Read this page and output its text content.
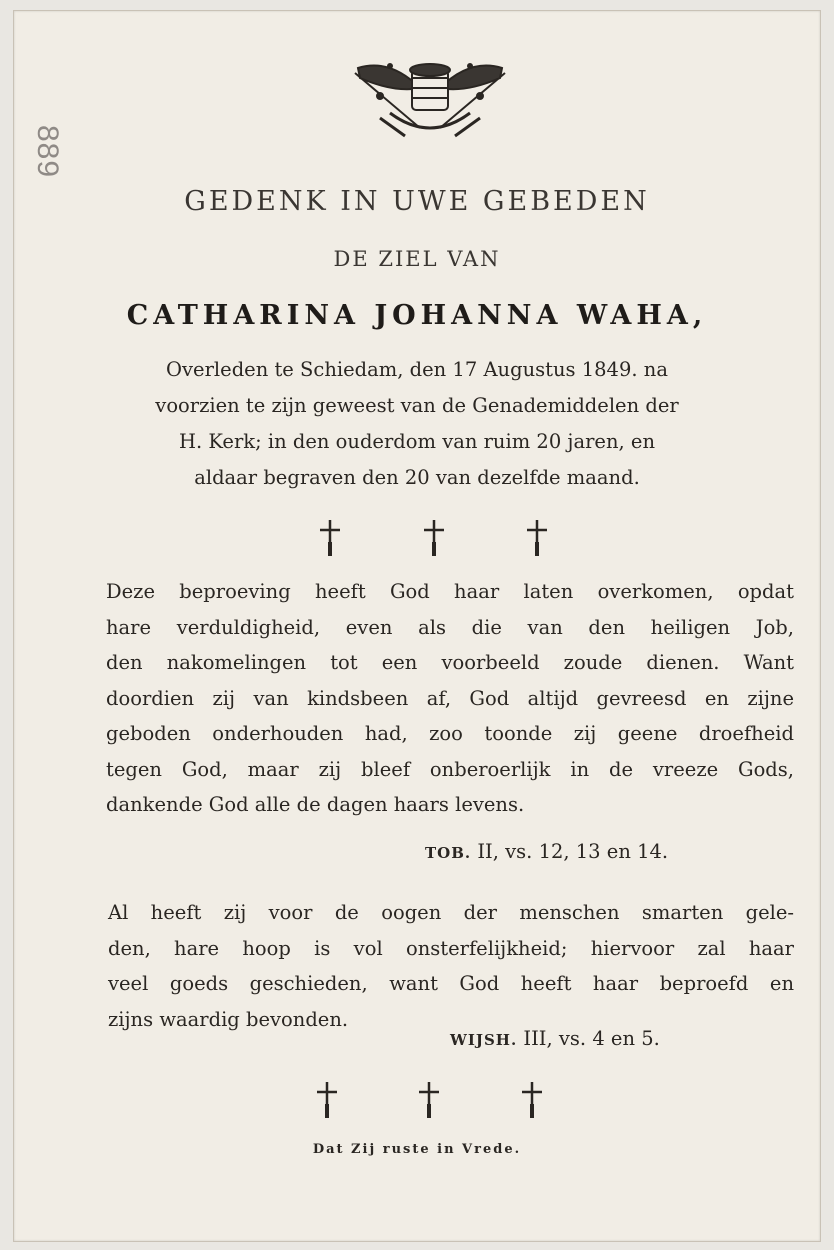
889
GEDENK IN UWE GEBEDEN
DE ZIEL VAN
CATHARINA JOHANNA WAHA,
Overleden te Schiedam, den 17 Augustus 1849. na
voorzien te zijn geweest van de Genademiddelen der
H. Kerk; in den ouderdom van ruim 20 jaren, en
aldaar begraven den 20 van dezelfde maand.
Deze beproeving heeft God haar laten overkomen, opdat
hare verduldigheid, even als die van den heiligen Job,
den nakomelingen tot een voorbeeld zoude dienen. Want
doordien zij van kindsbeen af, God altijd gevreesd en zijne
geboden onderhouden had, zoo toonde zij geene droefheid
tegen God, maar zij bleef onberoerlijk in de vreeze Gods,
dankende God alle de dagen haars levens.
TOB. II, vs. 12, 13 en 14.
Al heeft zij voor de oogen der menschen smarten gele-
den, hare hoop is vol onsterfelijkheid; hiervoor zal haar
veel goeds geschieden, want God heeft haar beproefd en
zijns waardig bevonden.
WIJSH. III, vs. 4 en 5.
Dat Zij ruste in Vrede.
